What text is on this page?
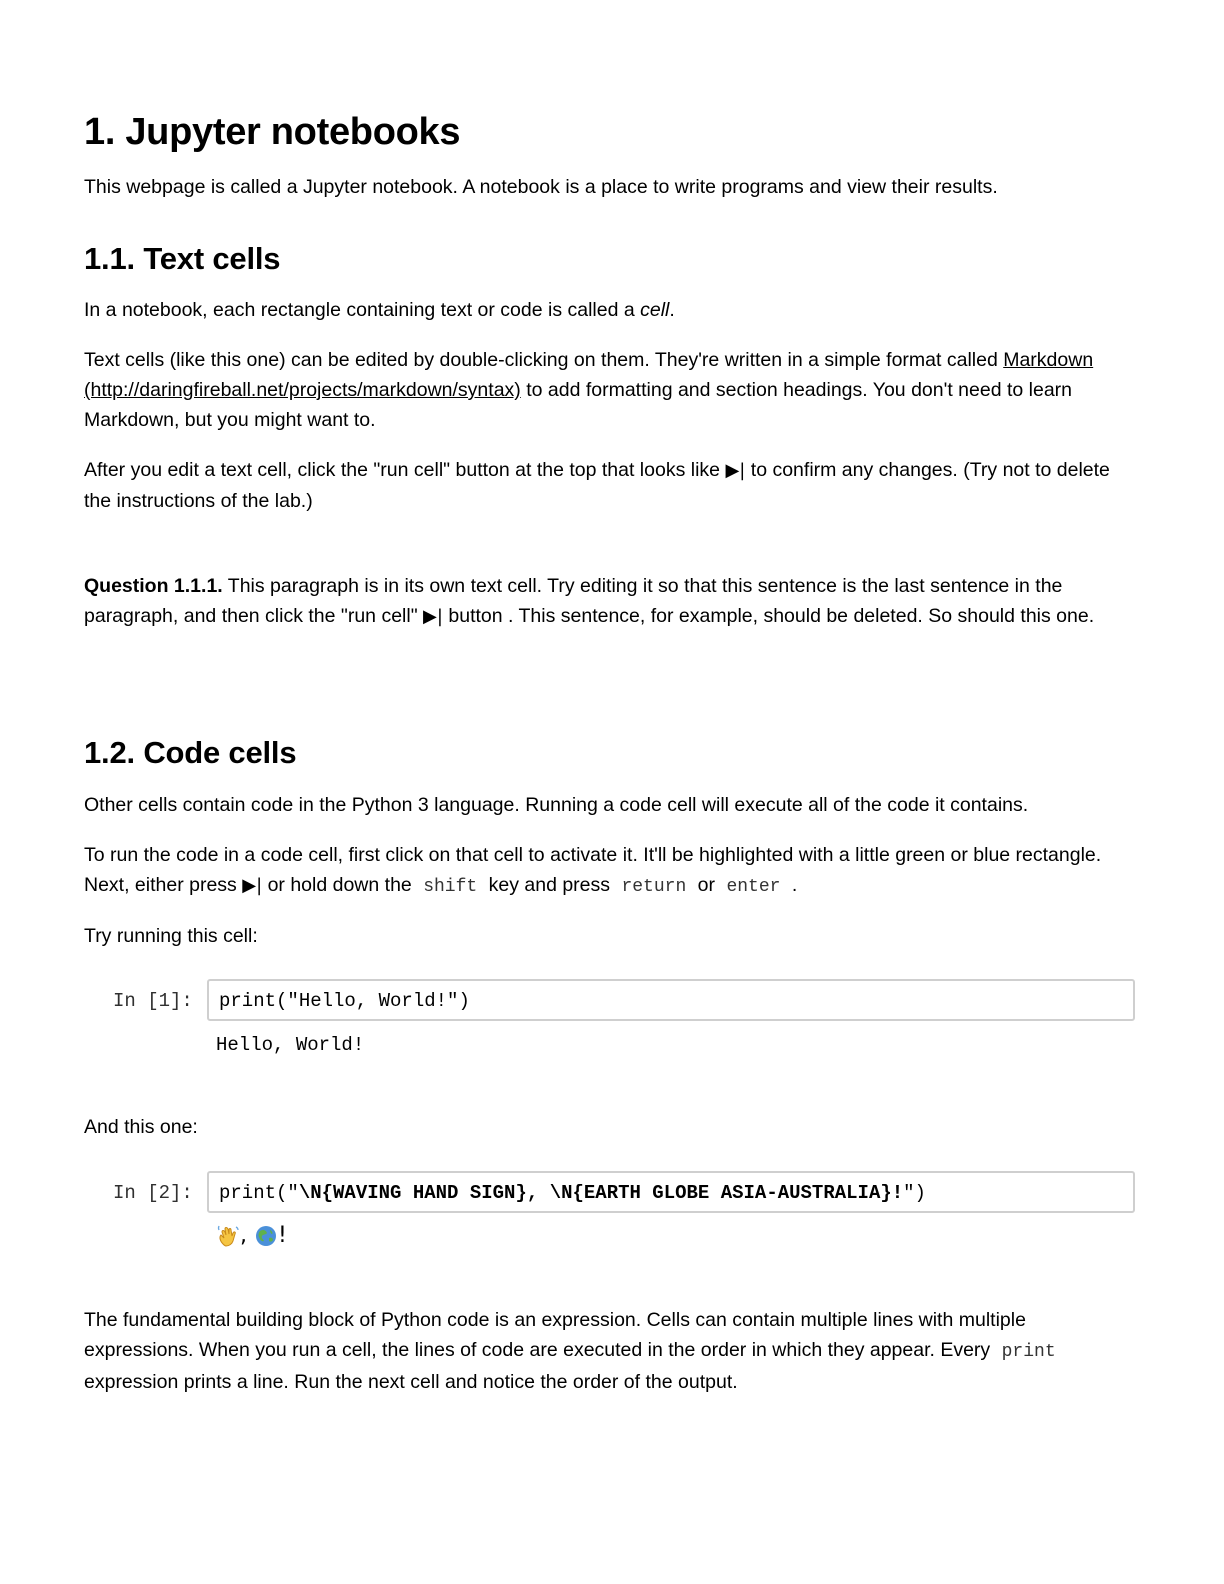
1. Jupyter notebooks

This webpage is called a Jupyter notebook. A notebook is a place to write programs and view their results.

1.1. Text cells

In a notebook, each rectangle containing text or code is called a cell.

Text cells (like this one) can be edited by double-clicking on them. They're written in a simple format called Markdown (http://daringfireball.net/projects/markdown/syntax) to add formatting and section headings. You don't need to learn Markdown, but you might want to.

After you edit a text cell, click the "run cell" button at the top that looks like ▶| to confirm any changes. (Try not to delete the instructions of the lab.)

Question 1.1.1. This paragraph is in its own text cell. Try editing it so that this sentence is the last sentence in the paragraph, and then click the "run cell" ▶| button . This sentence, for example, should be deleted. So should this one.

1.2. Code cells

Other cells contain code in the Python 3 language. Running a code cell will execute all of the code it contains.

To run the code in a code cell, first click on that cell to activate it. It'll be highlighted with a little green or blue rectangle. Next, either press ▶| or hold down the shift key and press return or enter .

Try running this cell:

In [1]:	print("Hello, World!")
Hello, World!

And this one:

In [2]:	print("\N{WAVING HAND SIGN}, \N{EARTH GLOBE ASIA-AUSTRALIA}!")
, !

The fundamental building block of Python code is an expression. Cells can contain multiple lines with multiple expressions. When you run a cell, the lines of code are executed in the order in which they appear. Every print expression prints a line. Run the next cell and notice the order of the output.
